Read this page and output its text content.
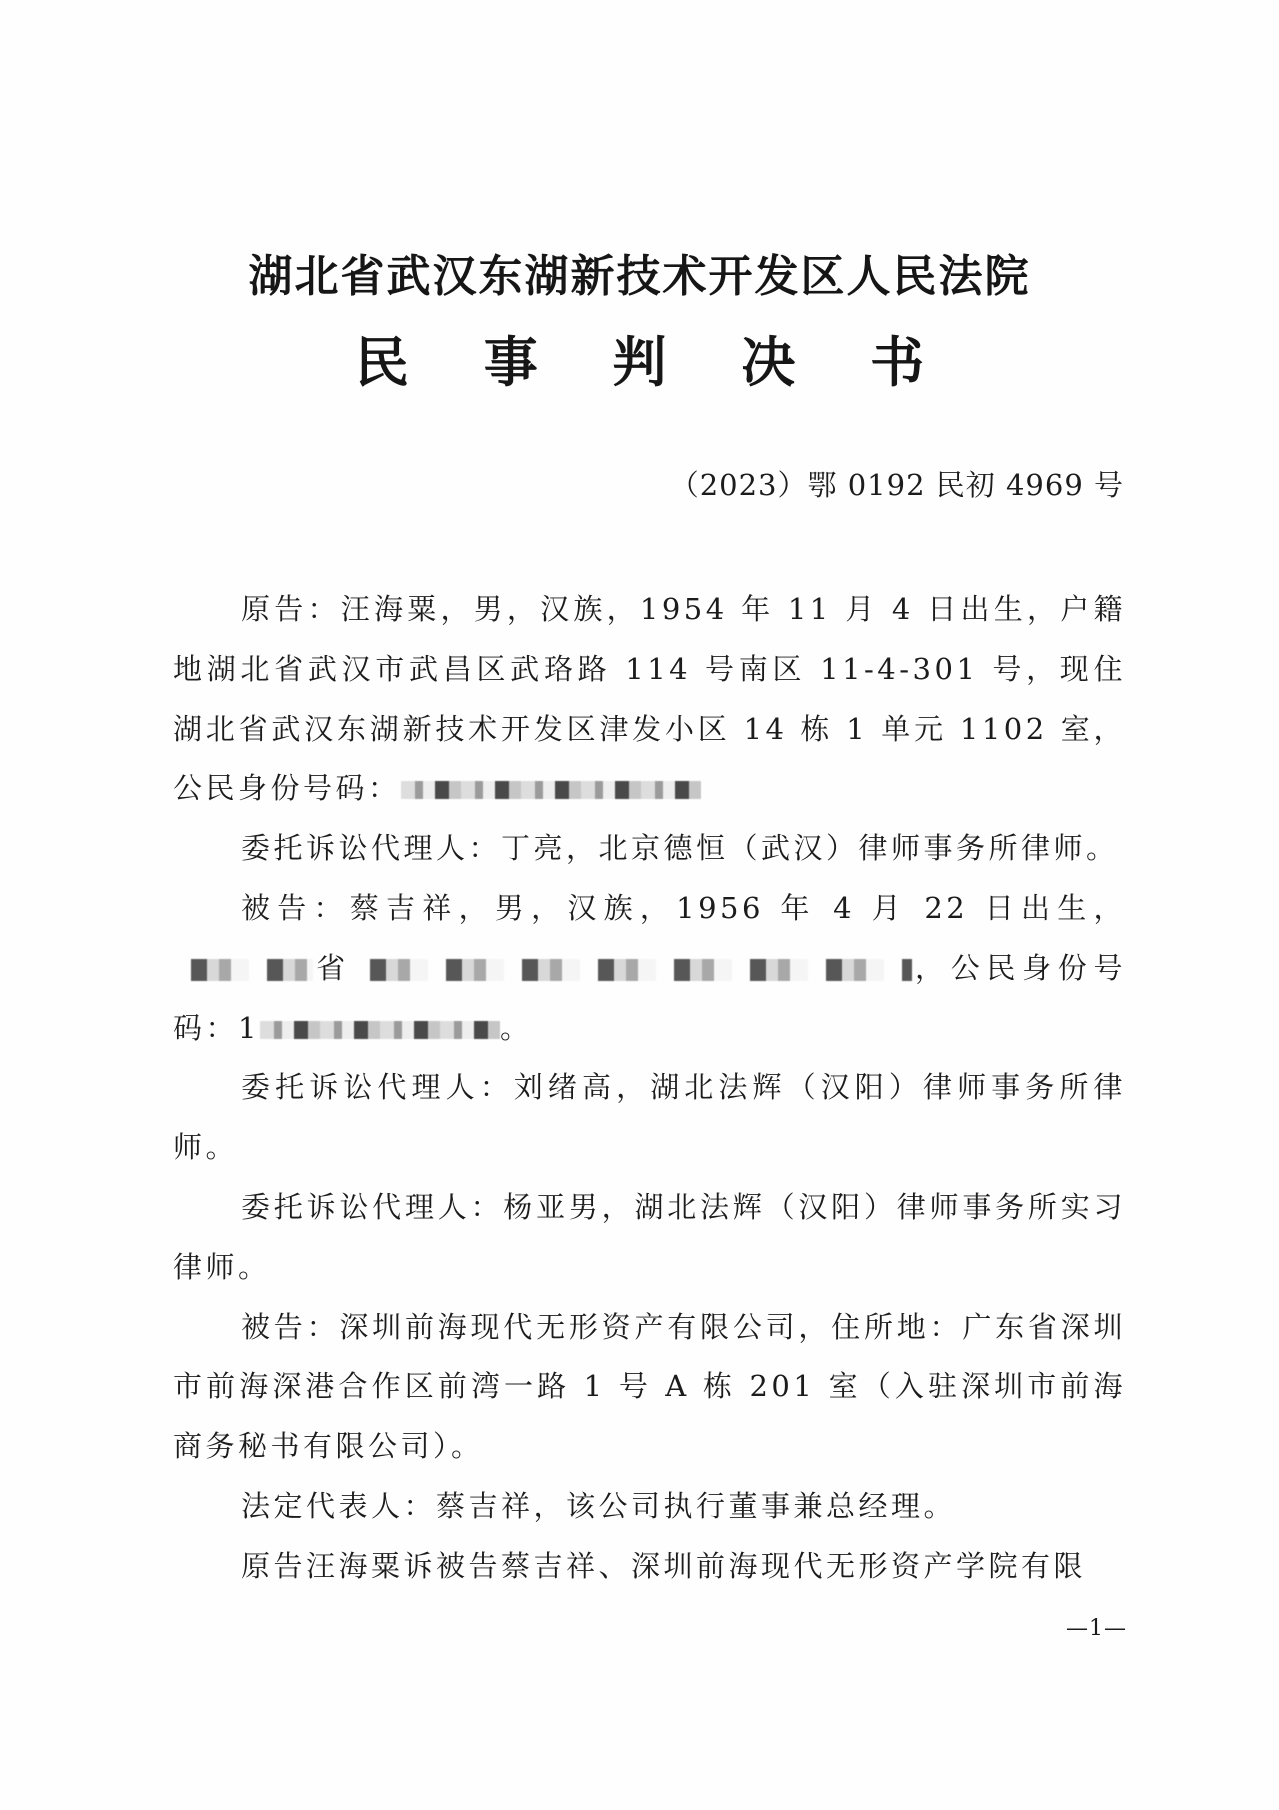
湖北省武汉东湖新技术开发区人民法院
民 事 判 决 书
（2023）鄂 0192 民初 4969 号

原告：汪海粟，男，汉族，1954 年 11 月 4 日出生，户籍地湖北省武汉市武昌区武珞路 114 号南区 11-4-301 号，现住湖北省武汉东湖新技术开发区津发小区 14 栋 1 单元 1102 室，公民身份号码：

委托诉讼代理人：丁亮，北京德恒（武汉）律师事务所律师。

被告：蔡吉祥，男，汉族，1956 年 4 月 22 日出生，省	，公民身份号码：1	。

委托诉讼代理人：刘绪高，湖北法辉（汉阳）律师事务所律师。

委托诉讼代理人：杨亚男，湖北法辉（汉阳）律师事务所实习律师。

被告：深圳前海现代无形资产有限公司，住所地：广东省深圳市前海深港合作区前湾一路 1 号 A 栋 201 室（入驻深圳市前海商务秘书有限公司）。

法定代表人：蔡吉祥，该公司执行董事兼总经理。

原告汪海粟诉被告蔡吉祥、深圳前海现代无形资产学院有限

—1—
